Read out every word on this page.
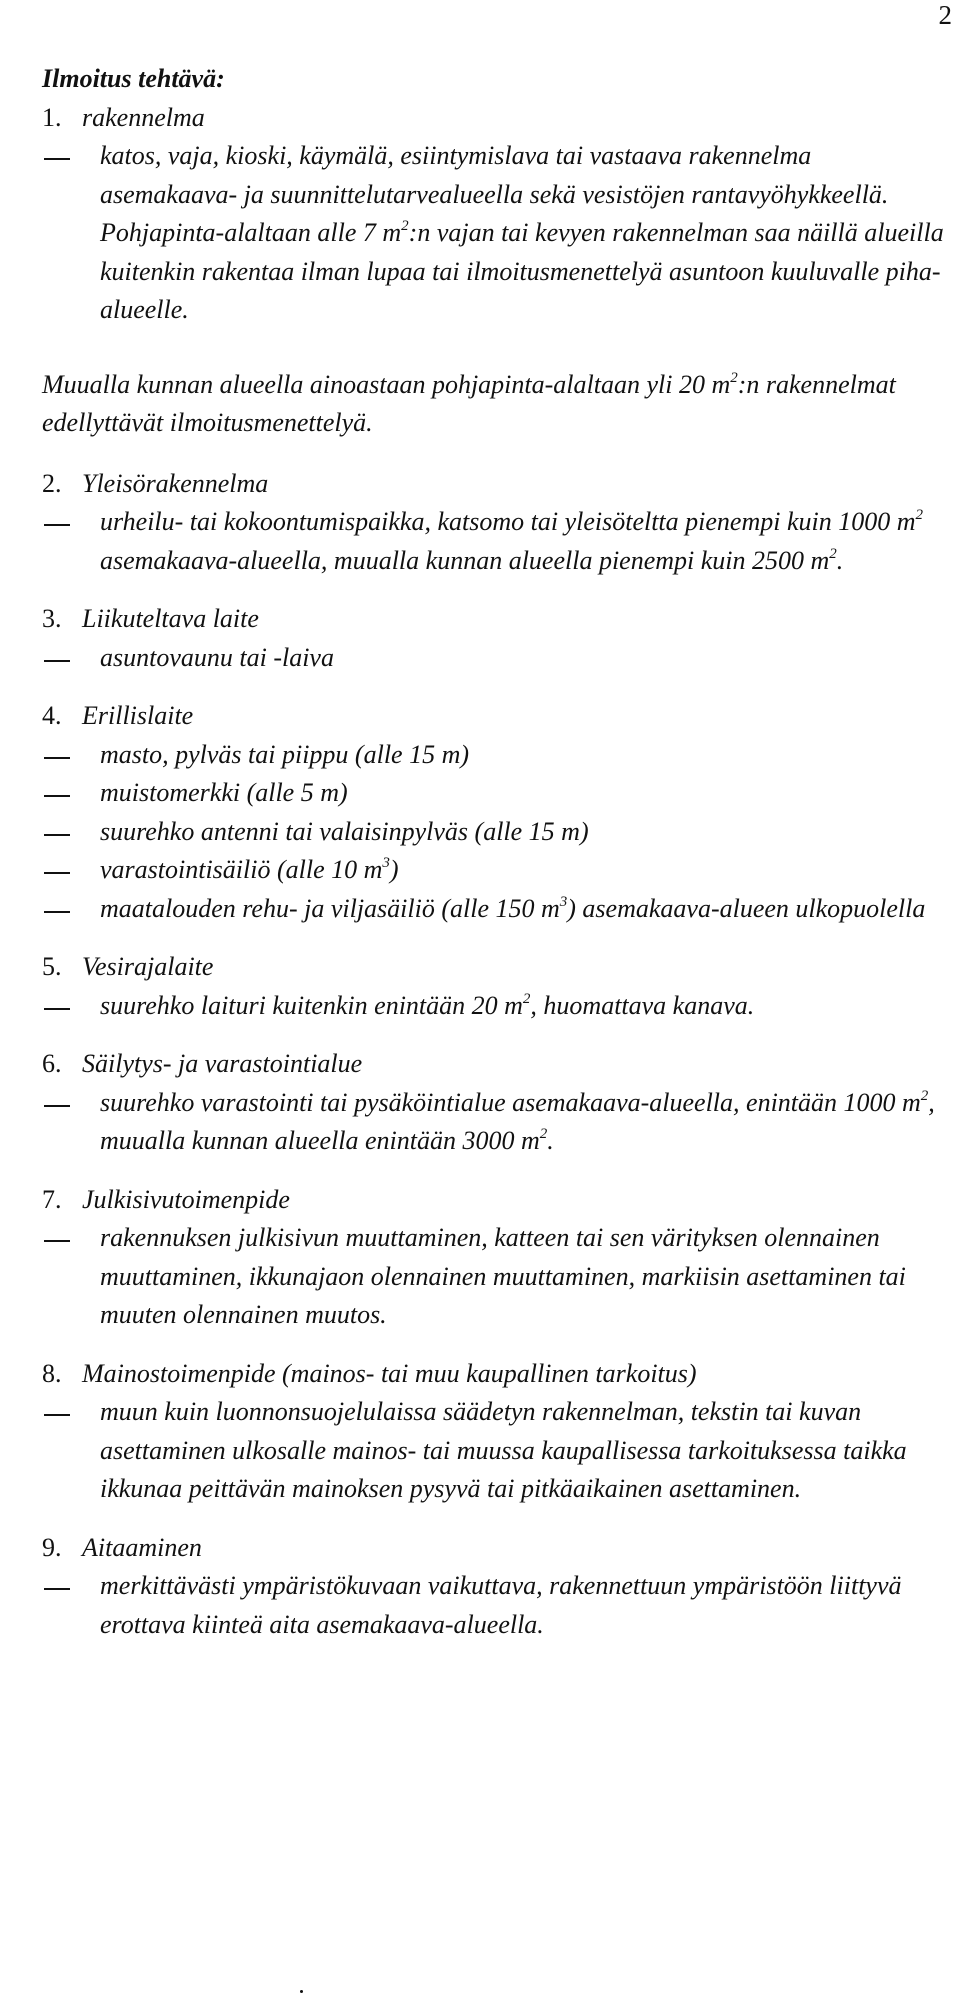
2

Ilmoitus tehtävä:

1. rakennelma

katos, vaja, kioski, käymälä, esiintymislava tai vastaava rakennelma asemakaava- ja suunnittelutarvealueella sekä vesistöjen rantavyöhykkeellä.

Pohjapinta-alaltaan alle 7 $m^2:n$ vajan tai kevyen rakennelman saa näillä alueilla kuitenkin rakentaa ilman lupaa tai ilmoitusmenettelyä asuntoon kuuluvalle piha-alueelle.

Muualla kunnan alueella ainoastaan pohjapinta-alaltaan yli 20 $m^2:n$ rakennelmat edellyttävät ilmoitusmenettelyä.

2. Yleisörakennelma

urheilu- tai kokoontumispaikka, katsomo tai yleisöteltta pienempi kuin 1000 $m^2$ asemakaava-alueella, muualla kunnan alueella pienempi kuin 2500 $m^2$.

3. Liikuteltava laite

asuntovaunu tai -laiva

4. Erillislaite

masto, pylväs tai piippu (alle 15 m)

muistomerkki (alle 5 m)

suurehko antenni tai valaisinpylväs (alle 15 m)

varastointisäiliö (alle 10 $m^3$)

maatalouden rehu- ja viljasäiliö (alle 150 $m^3$) asemakaava-alueen ulkopuolella

5. Vesirajalaite

suurehko laituri kuitenkin enintään 20 $m^2$, huomattava kanava.

6. Säilytys- ja varastointialue

suurehko varastointi tai pysäköintialue asemakaava-alueella, enintään 1000 $m^2$, muualla kunnan alueella enintään 3000 $m^2$.

7. Julkisivutoimenpide

rakennuksen julkisivun muuttaminen, katteen tai sen värityksen olennainen muuttaminen, ikkunajaon olennainen muuttaminen, markiisin asettaminen tai muuten olennainen muutos.

8. Mainostoimenpide (mainos- tai muu kaupallinen tarkoitus)

muun kuin luonnonsuojelulaissa säädetyn rakennelman, tekstin tai kuvan asettaminen ulkosalle mainos- tai muussa kaupallisessa tarkoituksessa taikka ikkunaa peittävän mainoksen pysyvä tai pitkäaikainen asettaminen.

9. Aitaaminen

merkittävästi ympäristökuvaan vaikuttava, rakennettuun ympäristöön liittyvä erottava kiinteä aita asemakaava-alueella.
